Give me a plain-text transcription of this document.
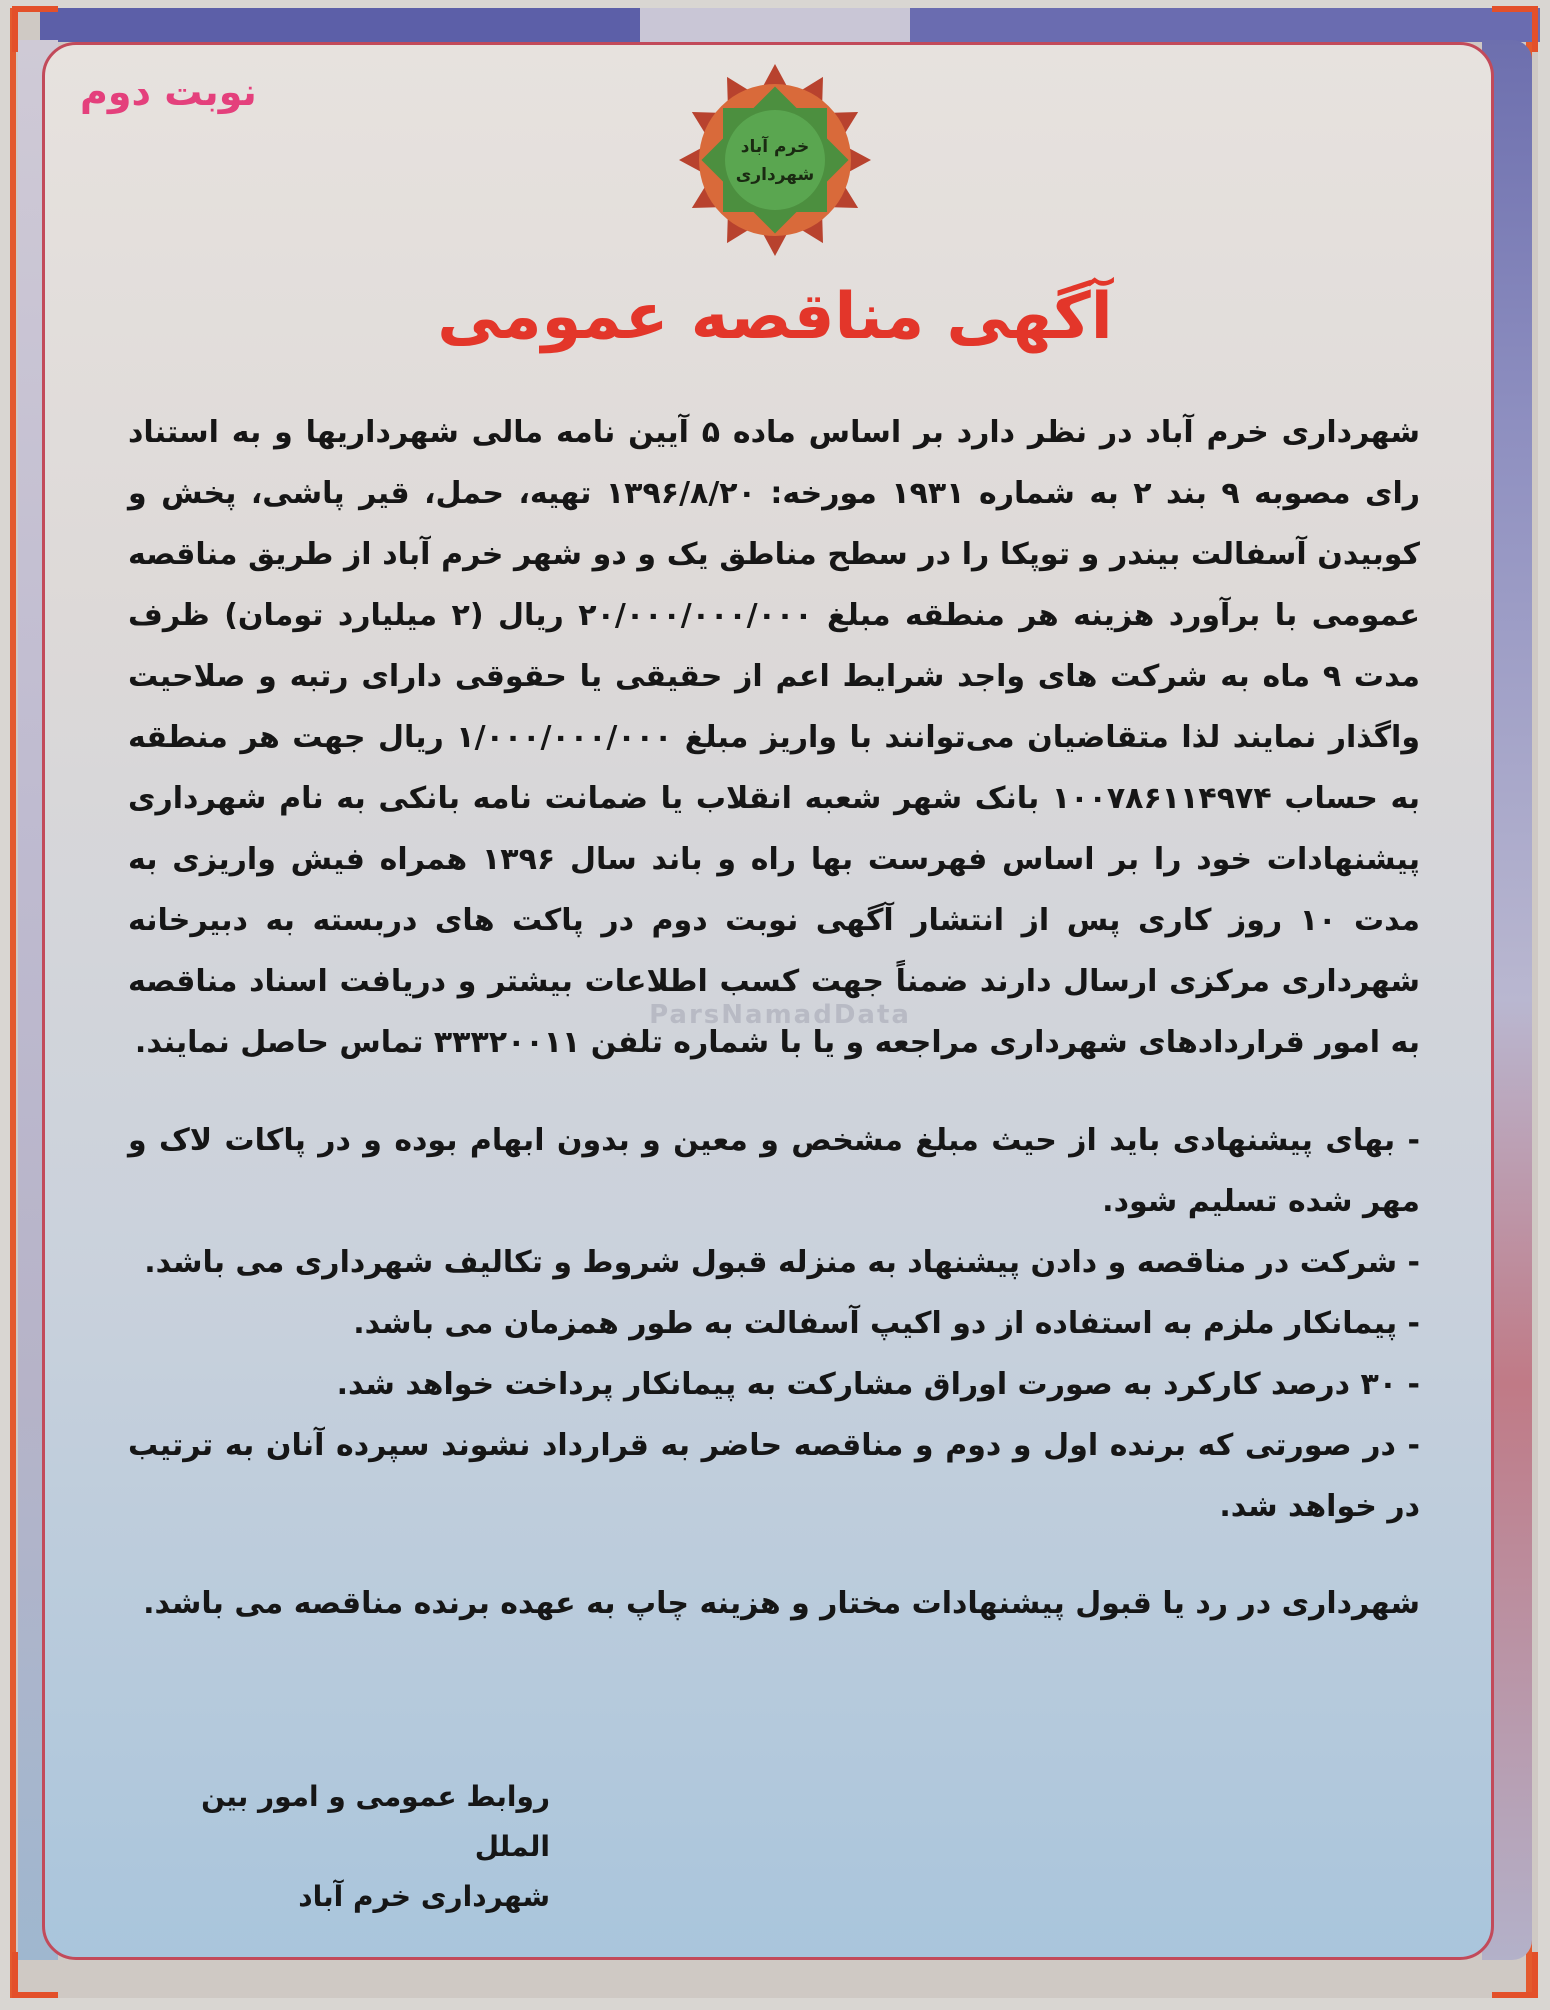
نوبت دوم
خرم آباد
شهرداری
آگهی مناقصه عمومی
ParsNamadData

شهرداری خرم آباد در نظر دارد بر اساس ماده ۵ آیین نامه مالی شهرداریها و به استناد رای مصوبه ۹ بند ۲ به شماره ۱۹۳۱ مورخه: ۱۳۹۶/۸/۲۰ تهیه، حمل، قیر پاشی، پخش و کوبیدن آسفالت بیندر و توپکا را در سطح مناطق یک و دو شهر خرم آباد از طریق مناقصه عمومی با برآورد هزینه هر منطقه مبلغ ۲۰/۰۰۰/۰۰۰/۰۰۰ ریال (۲ میلیارد تومان) ظرف مدت ۹ ماه به شرکت های واجد شرایط اعم از حقیقی یا حقوقی دارای رتبه و صلاحیت واگذار نمایند لذا متقاضیان می‌توانند با واریز مبلغ ۱/۰۰۰/۰۰۰/۰۰۰ ریال جهت هر منطقه به حساب ۱۰۰۷۸۶۱۱۴۹۷۴ بانک شهر شعبه انقلاب یا ضمانت نامه بانکی به نام شهرداری پیشنهادات خود را بر اساس فهرست بها راه و باند سال ۱۳۹۶ همراه فیش واریزی به مدت ۱۰ روز کاری پس از انتشار آگهی نوبت دوم در پاکت های دربسته به دبیرخانه شهرداری مرکزی ارسال دارند ضمناً جهت کسب اطلاعات بیشتر و دریافت اسناد مناقصه به امور قراردادهای شهرداری مراجعه و یا با شماره تلفن ۳۳۳۲۰۰۱۱ تماس حاصل نمایند.

- بهای پیشنهادی باید از حیث مبلغ مشخص و معین و بدون ابهام بوده و در پاکات لاک و مهر شده تسلیم شود.

- شرکت در مناقصه و دادن پیشنهاد به منزله قبول شروط و تکالیف شهرداری می باشد.

- پیمانکار ملزم به استفاده از دو اکیپ آسفالت به طور همزمان می باشد.

- ۳۰ درصد کارکرد به صورت اوراق مشارکت به پیمانکار پرداخت خواهد شد.

- در صورتی که برنده اول و دوم و مناقصه حاضر به قرارداد نشوند سپرده آنان به ترتیب در خواهد شد.

شهرداری در رد یا قبول پیشنهادات مختار و هزینه چاپ به عهده برنده مناقصه می باشد.
روابط عمومی و امور بین الملل
شهرداری خرم آباد
